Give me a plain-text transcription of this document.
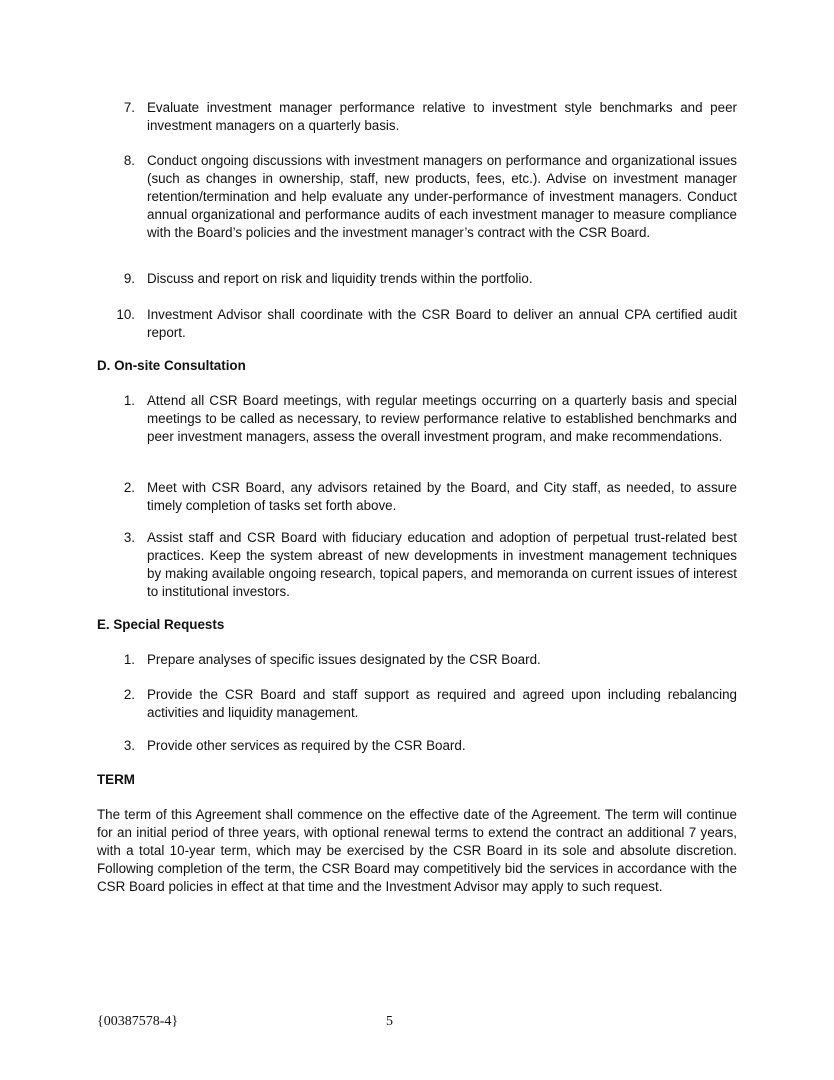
7. Evaluate investment manager performance relative to investment style benchmarks and peer investment managers on a quarterly basis.
8. Conduct ongoing discussions with investment managers on performance and organizational issues (such as changes in ownership, staff, new products, fees, etc.). Advise on investment manager retention/termination and help evaluate any under-performance of investment managers. Conduct annual organizational and performance audits of each investment manager to measure compliance with the Board’s policies and the investment manager’s contract with the CSR Board.
9. Discuss and report on risk and liquidity trends within the portfolio.
10. Investment Advisor shall coordinate with the CSR Board to deliver an annual CPA certified audit report.
D. On-site Consultation
1. Attend all CSR Board meetings, with regular meetings occurring on a quarterly basis and special meetings to be called as necessary, to review performance relative to established benchmarks and peer investment managers, assess the overall investment program, and make recommendations.
2. Meet with CSR Board, any advisors retained by the Board, and City staff, as needed, to assure timely completion of tasks set forth above.
3. Assist staff and CSR Board with fiduciary education and adoption of perpetual trust-related best practices. Keep the system abreast of new developments in investment management techniques by making available ongoing research, topical papers, and memoranda on current issues of interest to institutional investors.
E. Special Requests
1. Prepare analyses of specific issues designated by the CSR Board.
2. Provide the CSR Board and staff support as required and agreed upon including rebalancing activities and liquidity management.
3. Provide other services as required by the CSR Board.
TERM
The term of this Agreement shall commence on the effective date of the Agreement. The term will continue for an initial period of three years, with optional renewal terms to extend the contract an additional 7 years, with a total 10-year term, which may be exercised by the CSR Board in its sole and absolute discretion. Following completion of the term, the CSR Board may competitively bid the services in accordance with the CSR Board policies in effect at that time and the Investment Advisor may apply to such request.
{00387578-4}	5
